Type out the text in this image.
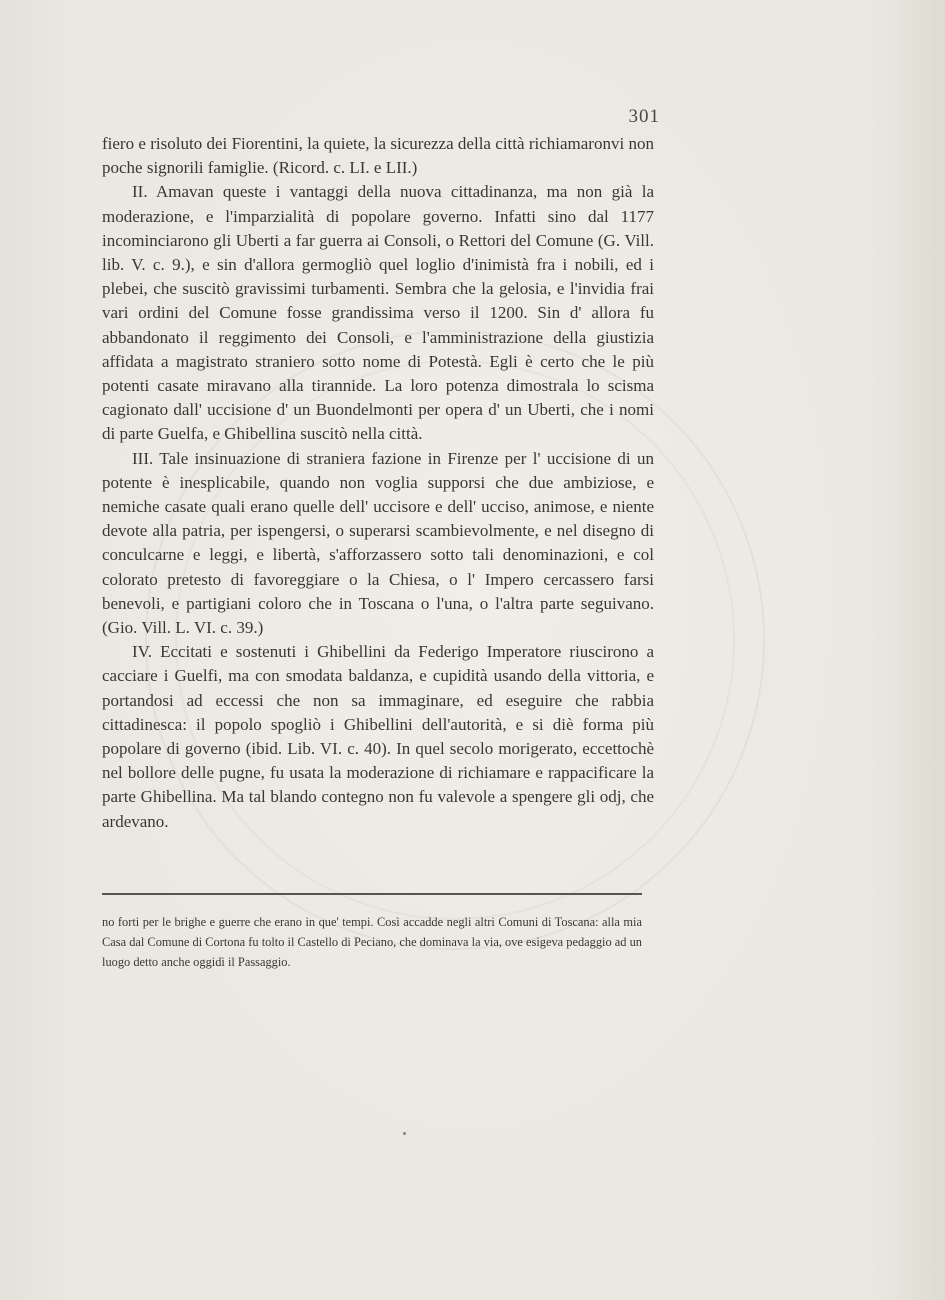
301

fiero e risoluto dei Fiorentini, la quiete, la sicurezza della città richiamaronvi non poche signorili famiglie. (Ricord. c. LI. e LII.)

II. Amavan queste i vantaggi della nuova cittadinanza, ma non già la moderazione, e l'imparzialità di popolare governo. Infatti sino dal 1177 incominciarono gli Uberti a far guerra ai Consoli, o Rettori del Comune (G. Vill. lib. V. c. 9.), e sin d'allora germogliò quel loglio d'inimistà fra i nobili, ed i plebei, che suscitò gravissimi turbamenti. Sembra che la gelosia, e l'invidia frai vari ordini del Comune fosse grandissima verso il 1200. Sin d' allora fu abbandonato il reggimento dei Consoli, e l'amministrazione della giustizia affidata a magistrato straniero sotto nome di Potestà. Egli è certo che le più potenti casate miravano alla tirannide. La loro potenza dimostrala lo scisma cagionato dall' uccisione d' un Buondelmonti per opera d' un Uberti, che i nomi di parte Guelfa, e Ghibellina suscitò nella città.

III. Tale insinuazione di straniera fazione in Firenze per l' uccisione di un potente è inesplicabile, quando non voglia supporsi che due ambiziose, e nemiche casate quali erano quelle dell' uccisore e dell' ucciso, animose, e niente devote alla patria, per ispengersi, o superarsi scambievolmente, e nel disegno di conculcarne e leggi, e libertà, s'afforzassero sotto tali denominazioni, e col colorato pretesto di favoreggiare o la Chiesa, o l' Impero cercassero farsi benevoli, e partigiani coloro che in Toscana o l'una, o l'altra parte seguivano. (Gio. Vill. L. VI. c. 39.)

IV. Eccitati e sostenuti i Ghibellini da Federigo Imperatore riuscirono a cacciare i Guelfi, ma con smodata baldanza, e cupidità usando della vittoria, e portandosi ad eccessi che non sa immaginare, ed eseguire che rabbia cittadinesca: il popolo spogliò i Ghibellini dell'autorità, e si diè forma più popolare di governo (ibid. Lib. VI. c. 40). In quel secolo morigerato, eccettochè nel bollore delle pugne, fu usata la moderazione di richiamare e rappacificare la parte Ghibellina. Ma tal blando contegno non fu valevole a spengere gli odj, che ardevano.

no forti per le brighe e guerre che erano in que' tempi. Così accadde negli altri Comuni di Toscana: alla mia Casa dal Comune di Cortona fu tolto il Castello di Peciano, che dominava la via, ove esigeva pedaggio ad un luogo detto anche oggidì il Passaggio.
